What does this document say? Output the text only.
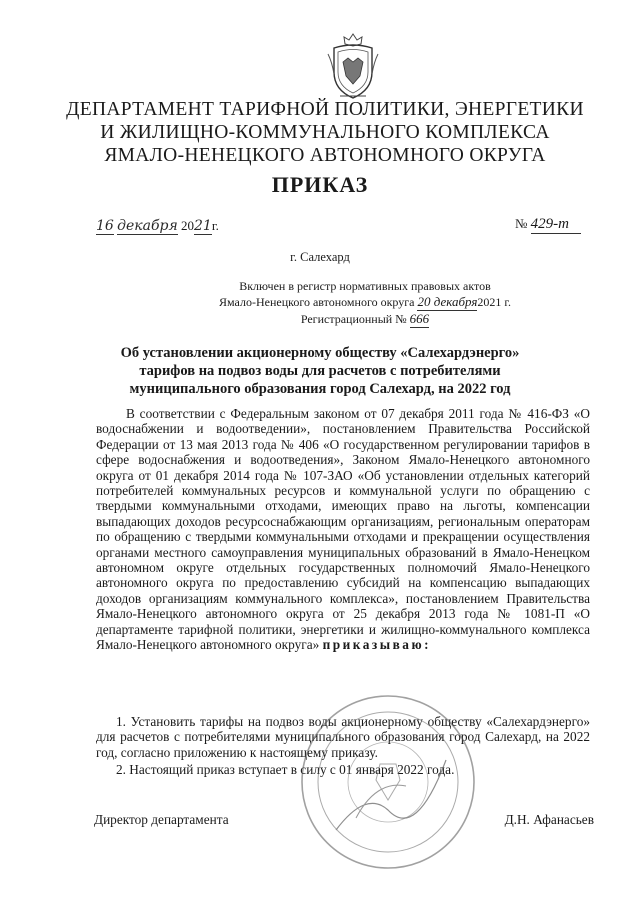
ДЕПАРТАМЕНТ ТАРИФНОЙ ПОЛИТИКИ, ЭНЕРГЕТИКИ
И ЖИЛИЩНО-КОММУНАЛЬНОГО КОМПЛЕКСА
ЯМАЛО-НЕНЕЦКОГО АВТОНОМНОГО ОКРУГА
ПРИКАЗ
16 декабря 2021г.	№ 429-т
г. Салехард
Включен в регистр нормативных правовых актов
Ямало-Ненецкого автономного округа 20 декабря2021 г.
Регистрационный № 666
Об установлении акционерному обществу «Салехардэнерго» тарифов на подвоз воды для расчетов с потребителями муниципального образования город Салехард, на 2022 год

В соответствии с Федеральным законом от 07 декабря 2011 года № 416-ФЗ «О водоснабжении и водоотведении», постановлением Правительства Российской Федерации от 13 мая 2013 года № 406 «О государственном регулировании тарифов в сфере водоснабжения и водоотведения», Законом Ямало-Ненецкого автономного округа от 01 декабря 2014 года № 107-ЗАО «Об установлении отдельных категорий потребителей коммунальных ресурсов и коммунальной услуги по обращению с твердыми коммунальными отходами, имеющих право на льготы, компенсации выпадающих доходов ресурсоснабжающим организациям, региональным операторам по обращению с твердыми коммунальными отходами и прекращении осуществления органами местного самоуправления муниципальных образований в Ямало-Ненецком автономном округе отдельных государственных полномочий Ямало-Ненецкого автономного округа по предоставлению субсидий на компенсацию выпадающих доходов организациям коммунального комплекса», постановлением Правительства Ямало-Ненецкого автономного округа от 25 декабря 2013 года № 1081-П «О департаменте тарифной политики, энергетики и жилищно-коммунального комплекса Ямало-Ненецкого автономного округа» приказываю:

1. Установить тарифы на подвоз воды акционерному обществу «Салехардэнерго» для расчетов с потребителями муниципального образования город Салехард, на 2022 год, согласно приложению к настоящему приказу.

2. Настоящий приказ вступает в силу с 01 января 2022 года.

Директор департамента	Д.Н. Афанасьев
